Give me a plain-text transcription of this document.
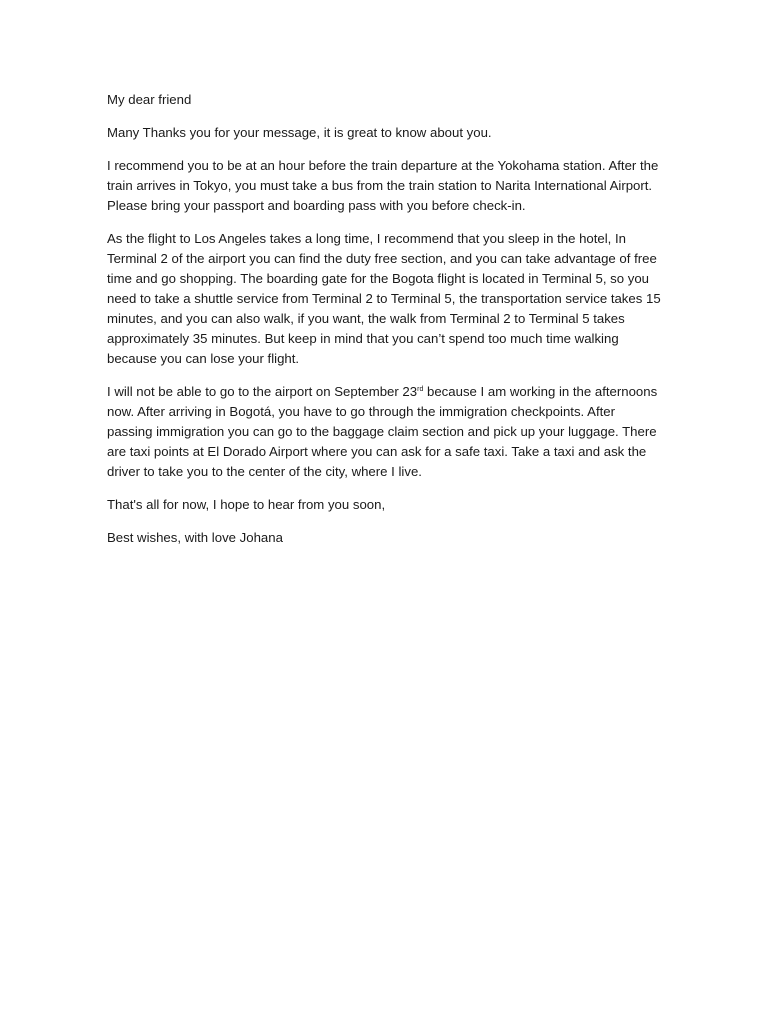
My dear friend

Many Thanks you for your message, it is great to know about you.

I recommend you to be at an hour before the train departure at the Yokohama station. After the train arrives in Tokyo, you must take a bus from the train station to Narita International Airport. Please bring your passport and boarding pass with you before check-in.

As the flight to Los Angeles takes a long time, I recommend that you sleep in the hotel, In Terminal 2 of the airport you can find the duty free section, and you can take advantage of free time and go shopping. The boarding gate for the Bogota flight is located in Terminal 5, so you need to take a shuttle service from Terminal 2 to Terminal 5, the transportation service takes 15 minutes, and you can also walk, if you want, the walk from Terminal 2 to Terminal 5 takes approximately 35 minutes. But keep in mind that you can’t spend too much time walking because you can lose your flight.

I will not be able to go to the airport on September 23rd because I am working in the afternoons now. After arriving in Bogotá, you have to go through the immigration checkpoints. After passing immigration you can go to the baggage claim section and pick up your luggage. There are taxi points at El Dorado Airport where you can ask for a safe taxi. Take a taxi and ask the driver to take you to the center of the city, where I live.

That's all for now, I hope to hear from you soon,

Best wishes, with love Johana
